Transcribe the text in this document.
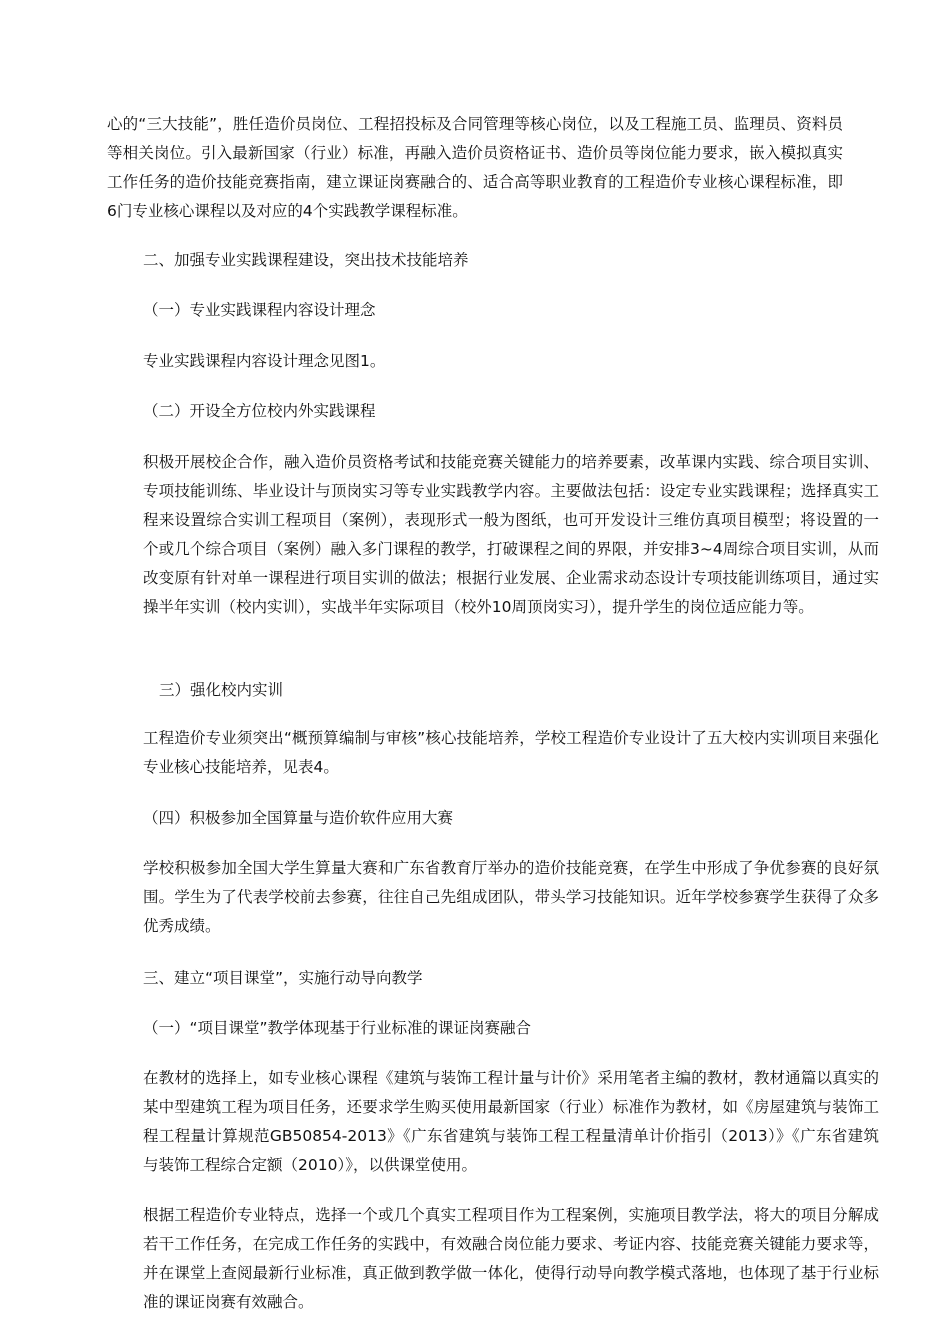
心的“三大技能”，胜任造价员岗位、工程招投标及合同管理等核心岗位，以及工程施工员、监理员、资料员等相关岗位。引入最新国家（行业）标准，再融入造价员资格证书、造价员等岗位能力要求，嵌入模拟真实工作任务的造价技能竞赛指南，建立课证岗赛融合的、适合高等职业教育的工程造价专业核心课程标准，即6门专业核心课程以及对应的4个实践教学课程标准。

二、加强专业实践课程建设，突出技术技能培养

（一）专业实践课程内容设计理念

专业实践课程内容设计理念见图1。

（二）开设全方位校内外实践课程

积极开展校企合作，融入造价员资格考试和技能竞赛关键能力的培养要素，改革课内实践、综合项目实训、专项技能训练、毕业设计与顶岗实习等专业实践教学内容。主要做法包括：设定专业实践课程；选择真实工程来设置综合实训工程项目（案例），表现形式一般为图纸，也可开发设计三维仿真项目模型；将设置的一个或几个综合项目（案例）融入多门课程的教学，打破课程之间的界限，并安排3~4周综合项目实训，从而改变原有针对单一课程进行项目实训的做法；根据行业发展、企业需求动态设计专项技能训练项目，通过实操半年实训（校内实训），实战半年实际项目（校外10周顶岗实习），提升学生的岗位适应能力等。

三）强化校内实训

工程造价专业须突出“概预算编制与审核”核心技能培养，学校工程造价专业设计了五大校内实训项目来强化专业核心技能培养，见表4。

（四）积极参加全国算量与造价软件应用大赛

学校积极参加全国大学生算量大赛和广东省教育厅举办的造价技能竞赛，在学生中形成了争优参赛的良好氛围。学生为了代表学校前去参赛，往往自己先组成团队，带头学习技能知识。近年学校参赛学生获得了众多优秀成绩。

三、建立“项目课堂”，实施行动导向教学

（一）“项目课堂”教学体现基于行业标准的课证岗赛融合

在教材的选择上，如专业核心课程《建筑与装饰工程计量与计价》采用笔者主编的教材，教材通篇以真实的某中型建筑工程为项目任务，还要求学生购买使用最新国家（行业）标准作为教材，如《房屋建筑与装饰工程工程量计算规范GB50854-2013》《广东省建筑与装饰工程工程量清单计价指引（2013）》《广东省建筑与装饰工程综合定额（2010）》，以供课堂使用。

根据工程造价专业特点，选择一个或几个真实工程项目作为工程案例，实施项目教学法，将大的项目分解成若干工作任务，在完成工作任务的实践中，有效融合岗位能力要求、考证内容、技能竞赛关键能力要求等，并在课堂上查阅最新行业标准，真正做到教学做一体化，使得行动导向教学模式落地，也体现了基于行业标准的课证岗赛有效融合。
